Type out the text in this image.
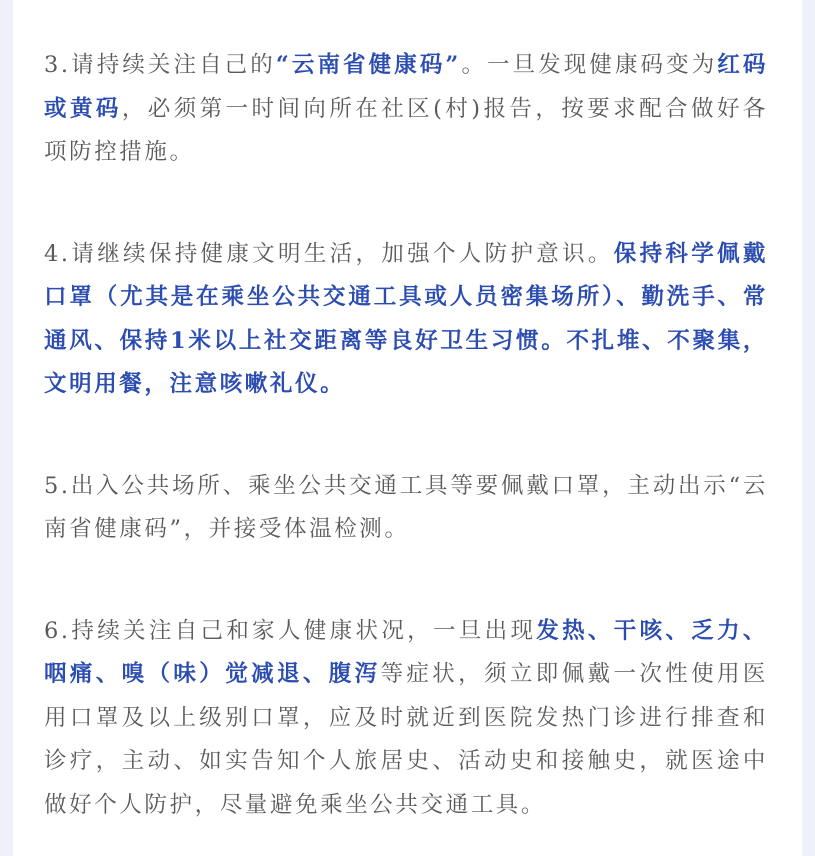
3.请持续关注自己的“云南省健康码”。一旦发现健康码变为红码或黄码，必须第一时间向所在社区(村)报告，按要求配合做好各项防控措施。

4.请继续保持健康文明生活，加强个人防护意识。保持科学佩戴口罩（尤其是在乘坐公共交通工具或人员密集场所）、勤洗手、常通风、保持1米以上社交距离等良好卫生习惯。不扎堆、不聚集，文明用餐，注意咳嗽礼仪。

5.出入公共场所、乘坐公共交通工具等要佩戴口罩，主动出示“云南省健康码”，并接受体温检测。

6.持续关注自己和家人健康状况，一旦出现发热、干咳、乏力、咽痛、嗅（味）觉减退、腹泻等症状，须立即佩戴一次性使用医用口罩及以上级别口罩，应及时就近到医院发热门诊进行排查和诊疗，主动、如实告知个人旅居史、活动史和接触史，就医途中做好个人防护，尽量避免乘坐公共交通工具。
